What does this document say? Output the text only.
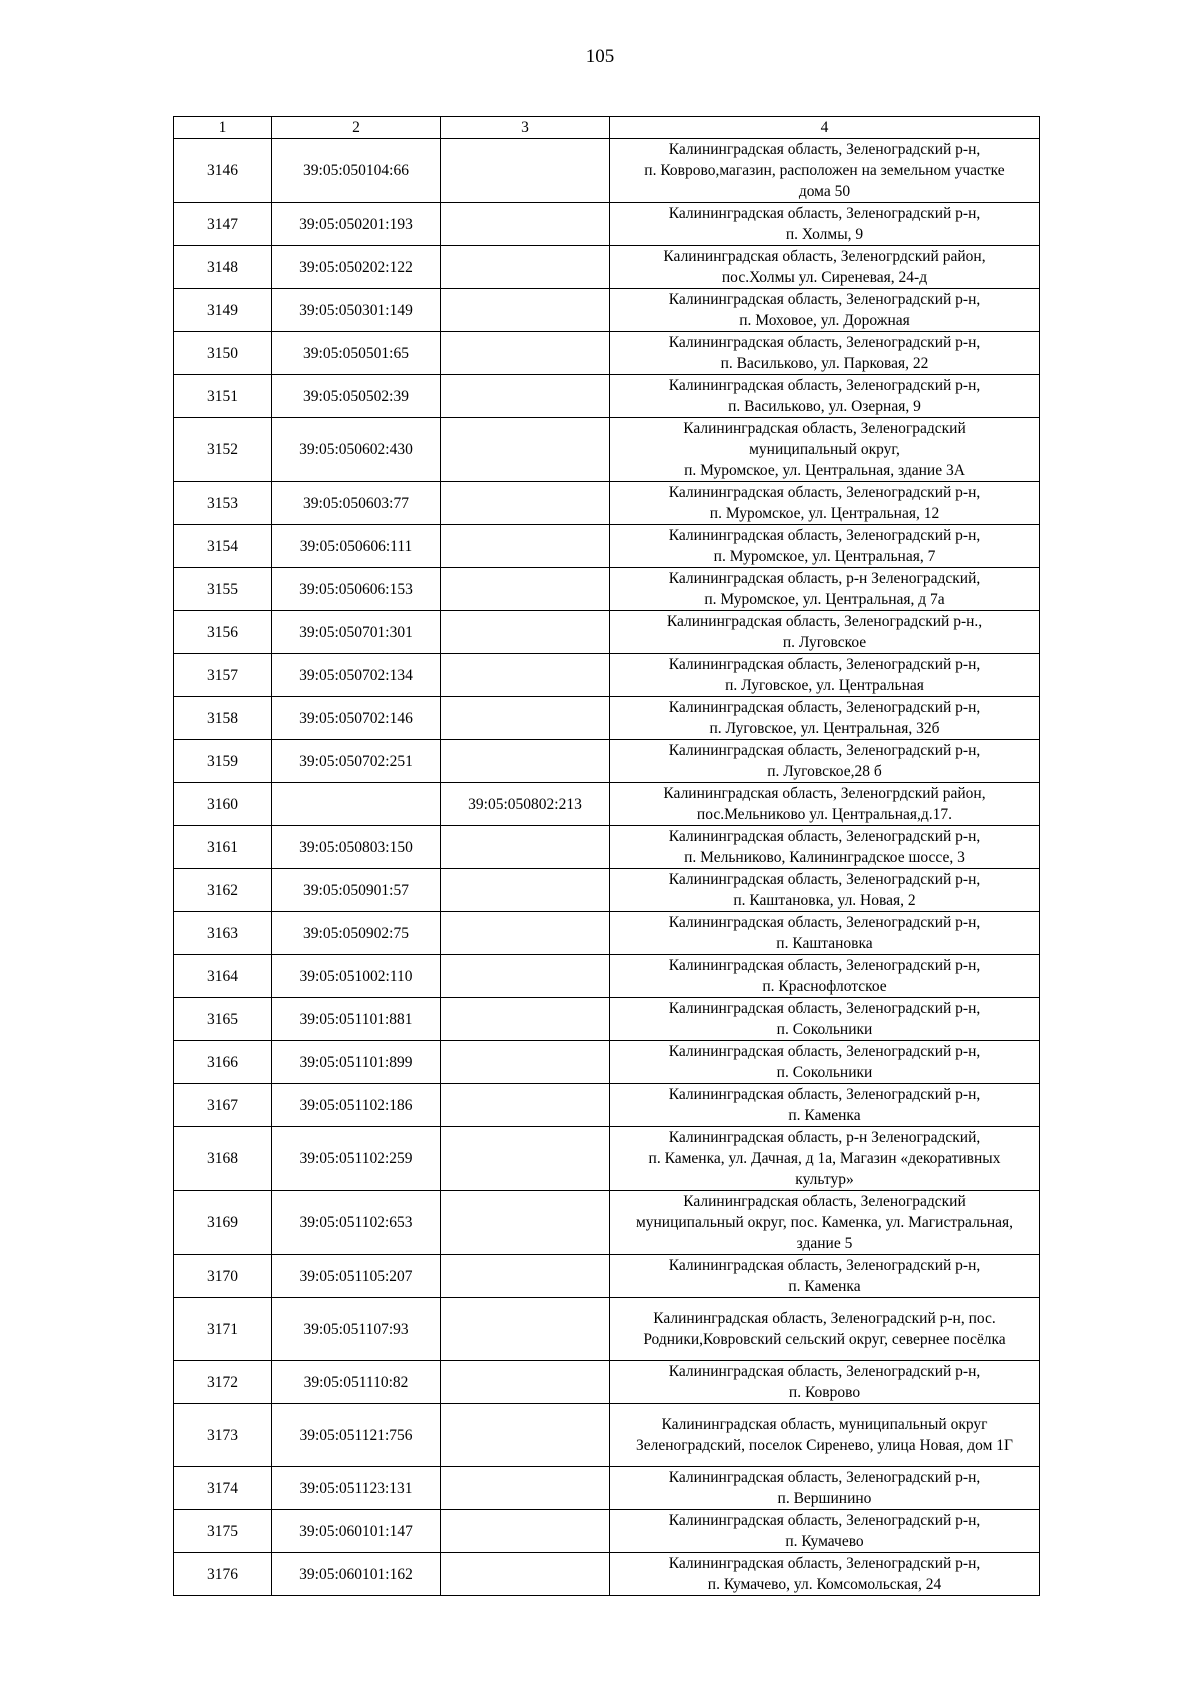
105
1	2	3	4
3146	39:05:050104:66		Калининградская область, Зеленоградский р-н,
п. Коврово,магазин, расположен на земельном участке
дома 50

3147	39:05:050201:193		Калининградская область, Зеленоградский р-н,
п. Холмы, 9

3148	39:05:050202:122		Калининградская область, Зеленогрдский район,
пос.Холмы ул. Сиреневая, 24-д

3149	39:05:050301:149		Калининградская область, Зеленоградский р-н,
п. Моховое, ул. Дорожная

3150	39:05:050501:65		Калининградская область, Зеленоградский р-н,
п. Васильково, ул. Парковая, 22

3151	39:05:050502:39		Калининградская область, Зеленоградский р-н,
п. Васильково, ул. Озерная, 9

3152	39:05:050602:430		Калининградская область, Зеленоградский
муниципальный округ,
п. Муромское, ул. Центральная, здание 3А

3153	39:05:050603:77		Калининградская область, Зеленоградский р-н,
п. Муромское, ул. Центральная, 12

3154	39:05:050606:111		Калининградская область, Зеленоградский р-н,
п. Муромское, ул. Центральная, 7

3155	39:05:050606:153		Калининградская область, р-н Зеленоградский,
п. Муромское, ул. Центральная, д 7а

3156	39:05:050701:301		Калининградская область, Зеленоградский р-н.,
п. Луговское

3157	39:05:050702:134		Калининградская область, Зеленоградский р-н,
п. Луговское, ул. Центральная

3158	39:05:050702:146		Калининградская область, Зеленоградский р-н,
п. Луговское, ул. Центральная, 32б

3159	39:05:050702:251		Калининградская область, Зеленоградский р-н,
п. Луговское,28 б

3160		39:05:050802:213	Калининградская область, Зеленогрдский район,
пос.Мельниково ул. Центральная,д.17.

3161	39:05:050803:150		Калининградская область, Зеленоградский р-н,
п. Мельниково, Калининградское шоссе, 3

3162	39:05:050901:57		Калининградская область, Зеленоградский р-н,
п. Каштановка, ул. Новая, 2

3163	39:05:050902:75		Калининградская область, Зеленоградский р-н,
п. Каштановка

3164	39:05:051002:110		Калининградская область, Зеленоградский р-н,
п. Краснофлотское

3165	39:05:051101:881		Калининградская область, Зеленоградский р-н,
п. Сокольники

3166	39:05:051101:899		Калининградская область, Зеленоградский р-н,
п. Сокольники

3167	39:05:051102:186		Калининградская область, Зеленоградский р-н,
п. Каменка

3168	39:05:051102:259		Калининградская область, р-н Зеленоградский,
п. Каменка, ул. Дачная, д 1а, Магазин «декоративных
культур»

3169	39:05:051102:653		Калининградская область, Зеленоградский
муниципальный округ, пос. Каменка, ул. Магистральная,
здание 5

3170	39:05:051105:207		Калининградская область, Зеленоградский р-н,
п. Каменка

3171	39:05:051107:93		Калининградская область, Зеленоградский р-н, пос.
Родники,Ковровский сельский округ, севернее посёлка

3172	39:05:051110:82		Калининградская область, Зеленоградский р-н,
п. Коврово

3173	39:05:051121:756		Калининградская область, муниципальный округ
Зеленоградский, поселок Сиренево, улица Новая, дом 1Г

3174	39:05:051123:131		Калининградская область, Зеленоградский р-н,
п. Вершинино

3175	39:05:060101:147		Калининградская область, Зеленоградский р-н,
п. Кумачево

3176	39:05:060101:162		Калининградская область, Зеленоградский р-н,
п. Кумачево, ул. Комсомольская, 24
